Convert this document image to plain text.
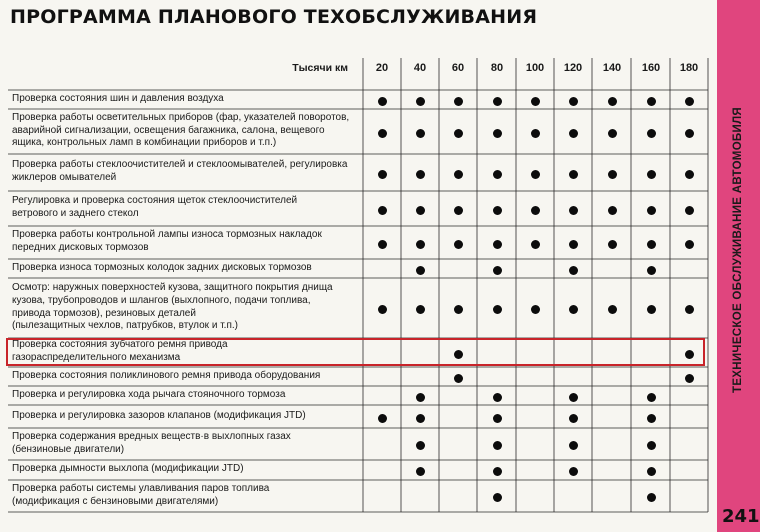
ПРОГРАММА ПЛАНОВОГО ТЕХОБСЛУЖИВАНИЯ
ТЕХНИЧЕСКОЕ ОБСЛУЖИВАНИЕ АВТОМОБИЛЯ
241
Тысячи км	20 40 60 80 100 120 140 160 180
Проверка состояния шин и давления воздуха
Проверка работы осветительных приборов (фар, указателей поворотов,
аварийной сигнализации, освещения багажника, салона, вещевого
ящика, контрольных ламп в комбинации приборов и т.п.)
Проверка работы стеклоочистителей и стеклоомывателей, регулировка
жиклеров омывателей
Регулировка и проверка состояния щеток стеклоочистителей
ветрового и заднего стекол
Проверка работы контрольной лампы износа тормозных накладок
передних дисковых тормозов
Проверка износа тормозных колодок задних дисковых тормозов
Осмотр: наружных поверхностей кузова, защитного покрытия днища
кузова, трубопроводов и шлангов (выхлопного, подачи топлива,
привода тормозов), резиновых деталей
(пылезащитных чехлов, патрубков, втулок и т.п.)
Проверка состояния зубчатого ремня привода
газораспределительного механизма
Проверка состояния поликлинового ремня привода оборудования
Проверка и регулировка хода рычага стояночного тормоза
Проверка и регулировка зазоров клапанов (модификация JTD)
Проверка содержания вредных веществ·в выхлопных газах
(бензиновые двигатели)
Проверка дымности выхлопа (модификации JTD)
Проверка работы системы улавливания паров топлива
(модификация с бензиновыми двигателями)
